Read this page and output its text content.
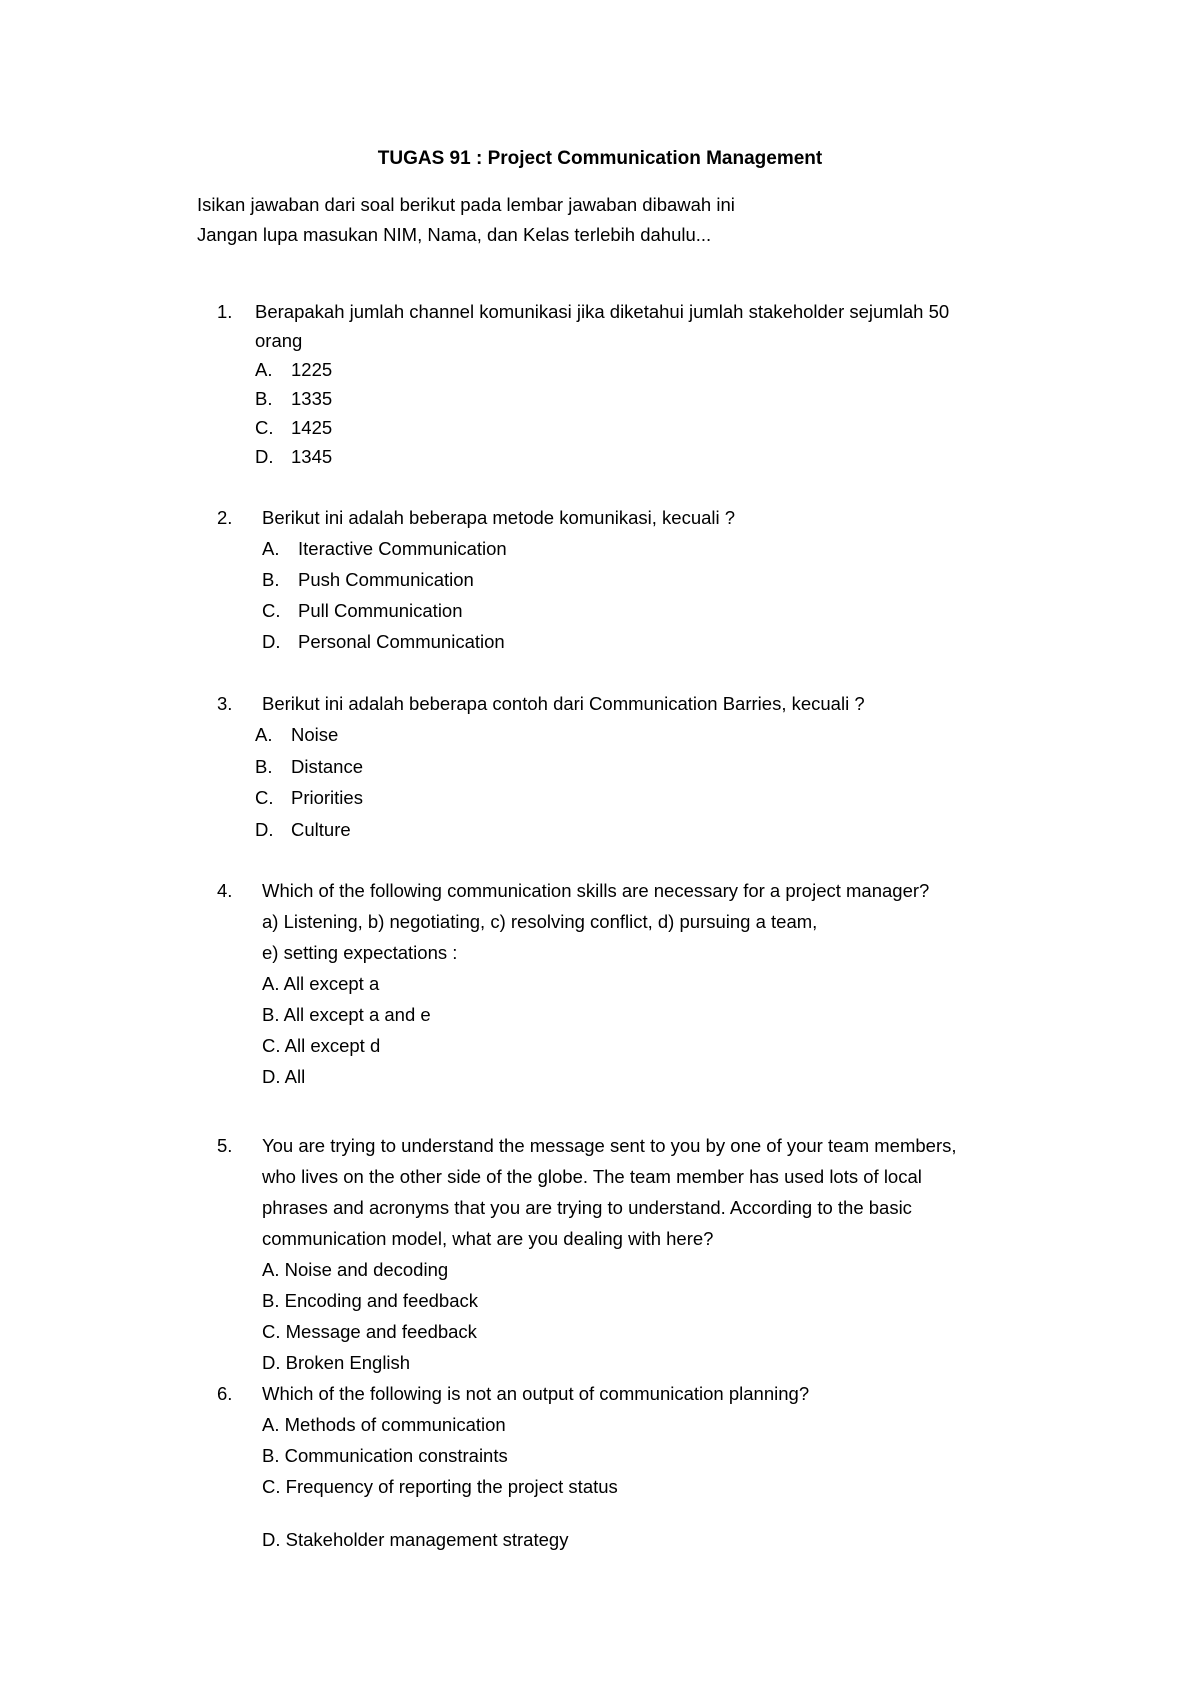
TUGAS 91 : Project Communication Management
Isikan jawaban dari soal berikut pada lembar jawaban dibawah ini
Jangan lupa masukan NIM, Nama, dan Kelas terlebih dahulu...
1. Berapakah jumlah channel komunikasi jika diketahui jumlah stakeholder sejumlah 50
orang
A. 1225
B. 1335
C. 1425
D. 1345
2. Berikut ini adalah beberapa metode komunikasi, kecuali ?
A. Iteractive Communication
B. Push Communication
C. Pull Communication
D. Personal Communication
3. Berikut ini adalah beberapa contoh dari Communication Barries, kecuali ?
A. Noise
B. Distance
C. Priorities
D. Culture
4. Which of the following communication skills are necessary for a project manager?
a) Listening, b) negotiating, c) resolving conflict, d) pursuing a team,
e) setting expectations :
A. All except a
B. All except a and e
C. All except d
D. All
5. You are trying to understand the message sent to you by one of your team members,
who lives on the other side of the globe. The team member has used lots of local
phrases and acronyms that you are trying to understand. According to the basic
communication model, what are you dealing with here?
A. Noise and decoding
B. Encoding and feedback
C. Message and feedback
D. Broken English
6. Which of the following is not an output of communication planning?
A. Methods of communication
B. Communication constraints
C. Frequency of reporting the project status
D. Stakeholder management strategy
